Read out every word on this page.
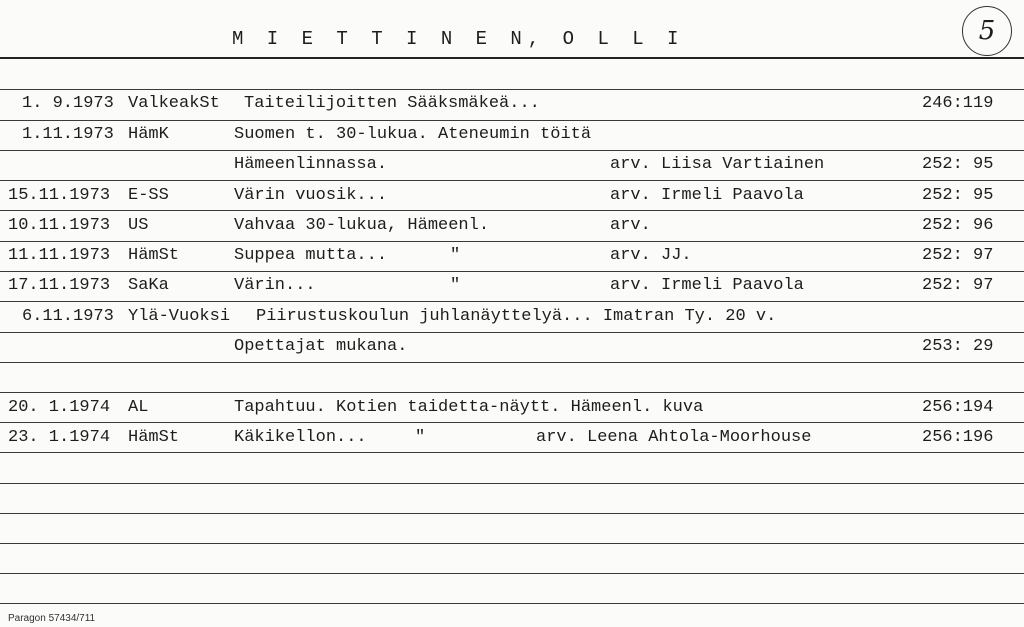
M I E T T I N E N, O L L I	5
1. 9.1973 ValkeakSt Taiteilijoitten Sääksmäkeä...	246:119
1.11.1973 HämK	Suomen t. 30-lukua. Ateneumin töitä
Hämeenlinnassa.	arv. Liisa Vartiainen	252: 95
15.11.1973 E-SS	Värin vuosik...	arv. Irmeli Paavola	252: 95
10.11.1973 US	Vahvaa 30-lukua, Hämeenl.	arv.	252: 96
11.11.1973 HämSt	Suppea mutta...	"	arv. JJ.	252: 97
17.11.1973 SaKa	Värin...	"	arv. Irmeli Paavola	252: 97
6.11.1973 Ylä-Vuoksi Piirustuskoulun juhlanäyttelyä... Imatran Ty. 20 v.
Opettajat mukana.	253: 29
20. 1.1974 AL	Tapahtuu. Kotien taidetta-näytt. Hämeenl. kuva	256:194
23. 1.1974 HämSt	Käkikellon...	"	arv. Leena Ahtola-Moorhouse	256:196
Paragon 57434/711
